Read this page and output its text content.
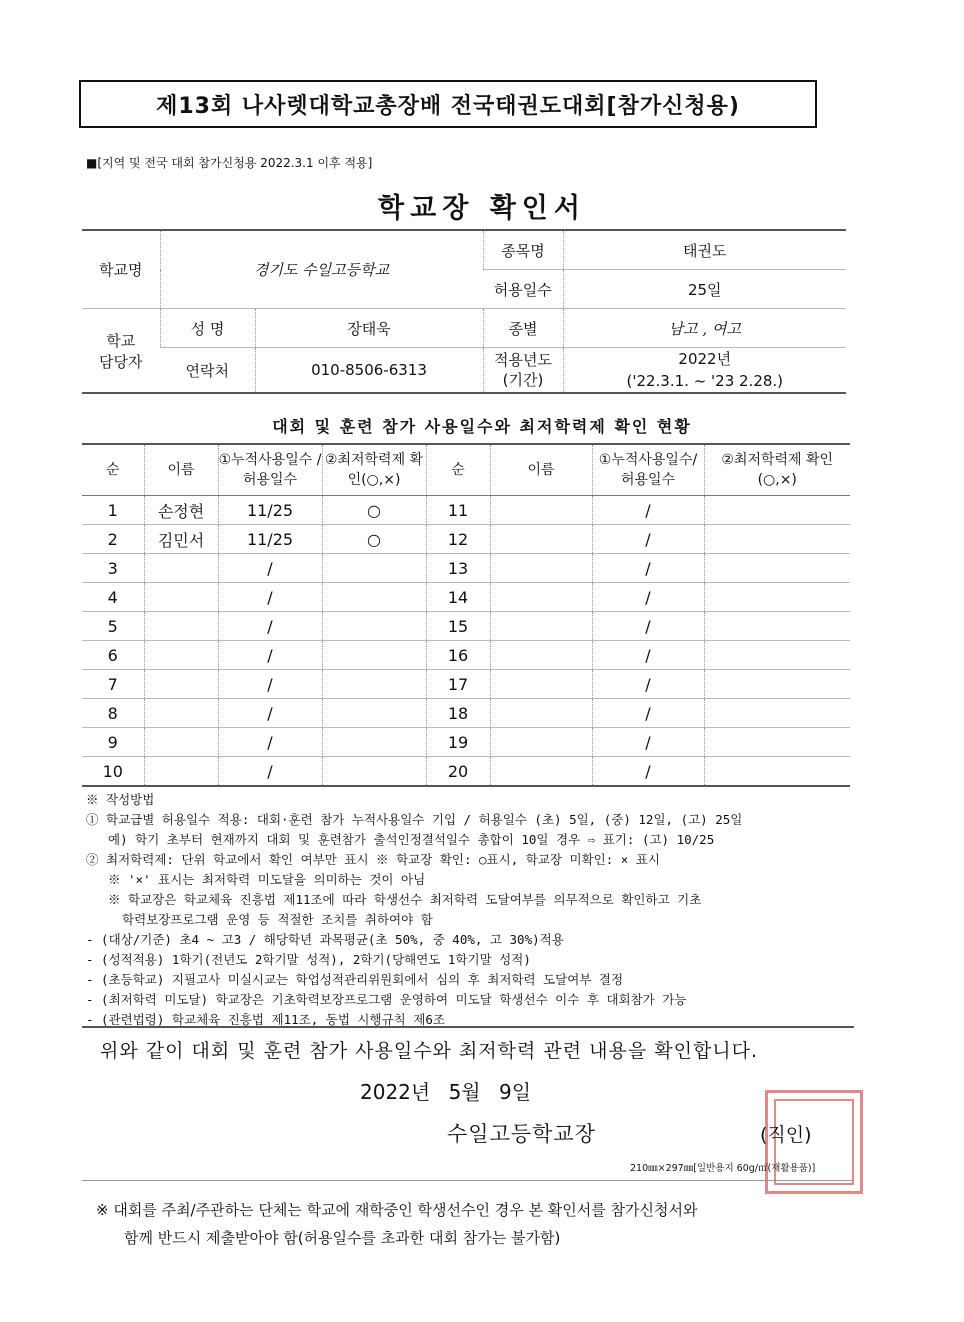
제13회 나사렛대학교총장배 전국태권도대회[참가신청용)
■[지역 및 전국 대회 참가신청용 2022.3.1 이후 적용]
학교장 확인서
학교명	경기도 수일고등학교		종목명	태권도
			허용일수	25일
학교 담당자	성 명	장태욱	종별	남고 , 여고
	연락처	010-8506-6313	적용년도 (기간)	2022년
('22.3.1. ~ '23 2.28.)
대회 및 훈련 참가 사용일수와 최저학력제 확인 현황
순	이름	①누적사용일수 /허용일수	②최저학력제 확인(○,×)	순	이름	①누적사용일수/ 허용일수	②최저학력제 확인(○,×)
1	손정현	11/25	○	11		/	
2	김민서	11/25	○	12		/	
3		/		13		/	
4		/		14		/	
5		/		15		/	
6		/		16		/	
7		/		17		/	
8		/		18		/	
9		/		19		/	
10		/		20		/	

※ 작성방법

① 학교급별 허용일수 적용: 대회·훈련 참가 누적사용일수 기입 / 허용일수 (초) 5일, (중) 12일, (고) 25일

예) 학기 초부터 현재까지 대회 및 훈련참가 출석인정결석일수 총합이 10일 경우 ⇨ 표기: (고) 10/25

② 최저학력제: 단위 학교에서 확인 여부만 표시 ※ 학교장 확인: ○표시, 학교장 미확인: × 표시

※ '×' 표시는 최저학력 미도달을 의미하는 것이 아님

※ 학교장은 학교체육 진흥법 제11조에 따라 학생선수 최저학력 도달여부를 의무적으로 확인하고 기초

학력보장프로그램 운영 등 적절한 조치를 취하여야 함

- (대상/기준) 초4 ~ 고3 / 해당학년 과목평균(초 50%, 중 40%, 고 30%)적용

- (성적적용) 1학기(전년도 2학기말 성적), 2학기(당해연도 1학기말 성적)

- (초등학교) 지필고사 미실시교는 학업성적관리위원회에서 심의 후 최저학력 도달여부 결정

- (최저학력 미도달) 학교장은 기초학력보장프로그램 운영하여 미도달 학생선수 이수 후 대회참가 가능

- (관련법령) 학교체육 진흥법 제11조, 동법 시행규칙 제6조

위와 같이 대회 및 훈련 참가 사용일수와 최저학력 관련 내용을 확인합니다.
2022년 5월 9일
수일고등학교장	(직인)
210㎜×297㎜[일반용지 60g/㎡(재활용품)]

※ 대회를 주최/주관하는 단체는 학교에 재학중인 학생선수인 경우 본 확인서를 참가신청서와

함께 반드시 제출받아야 함(허용일수를 초과한 대회 참가는 불가함)
